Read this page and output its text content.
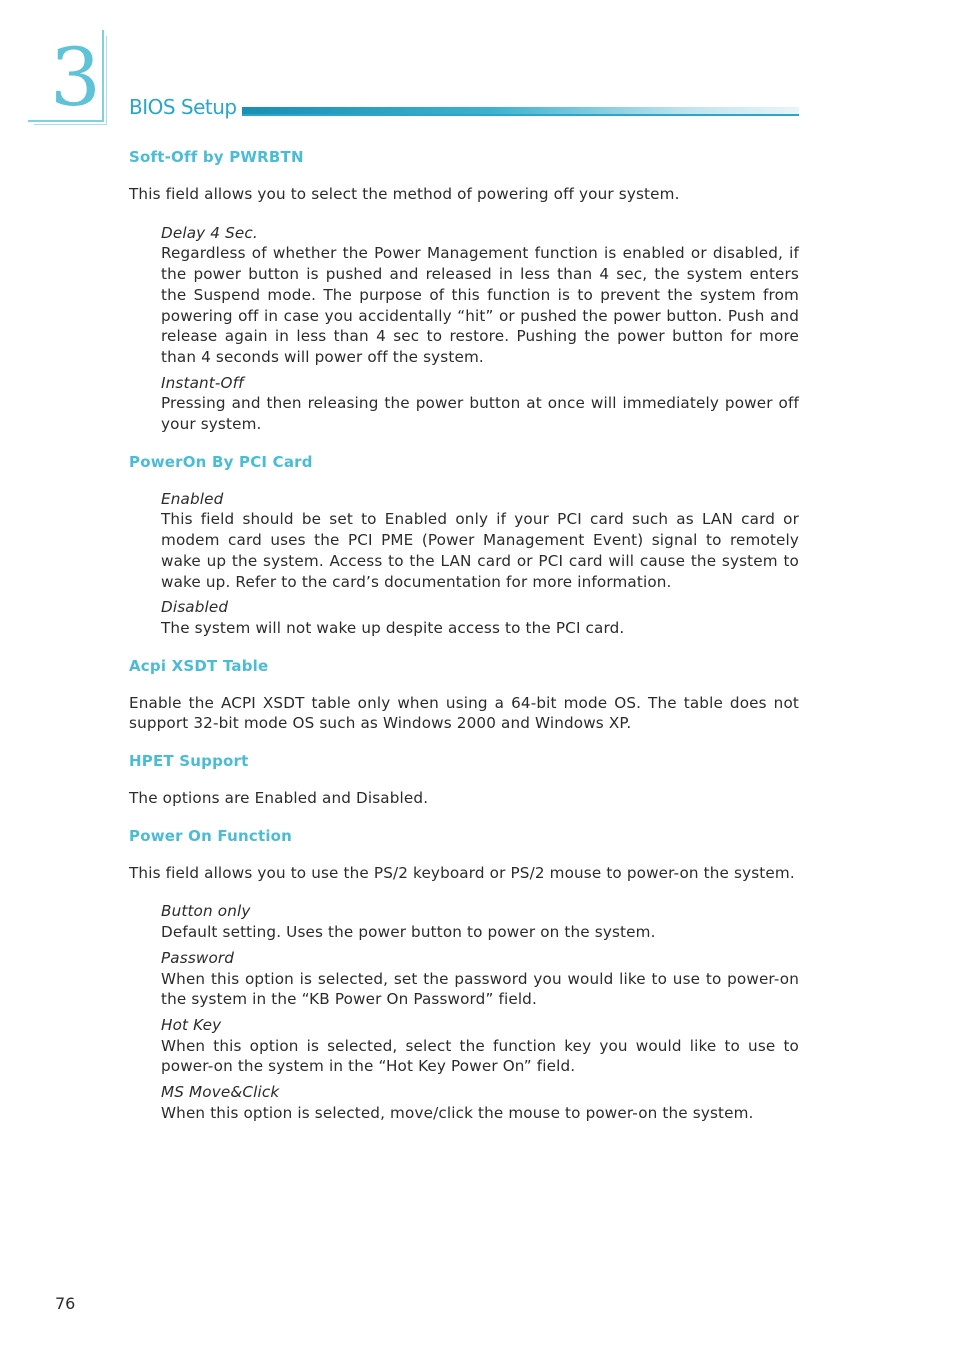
3	BIOS Setup
Soft-Off by PWRBTN
This field allows you to select the method of powering off your system.
Delay 4 Sec.
Regardless of whether the Power Management function is enabled or disabled, if the power button is pushed and released in less than 4 sec, the system enters the Suspend mode. The purpose of this function is to prevent the system from powering off in case you accidentally “hit” or pushed the power button. Push and release again in less than 4 sec to restore. Pushing the power button for more than 4 seconds will power off the system.
Instant-Off
Pressing and then releasing the power button at once will immediately power off your system.
PowerOn By PCI Card
Enabled
This field should be set to Enabled only if your PCI card such as LAN card or modem card uses the PCI PME (Power Management Event) signal to remotely wake up the system. Access to the LAN card or PCI card will cause the system to wake up. Refer to the card’s documentation for more information.
Disabled
The system will not wake up despite access to the PCI card.
Acpi XSDT Table
Enable the ACPI XSDT table only when using a 64-bit mode OS. The table does not support 32-bit mode OS such as Windows 2000 and Windows XP.
HPET Support
The options are Enabled and Disabled.
Power On Function
This field allows you to use the PS/2 keyboard or PS/2 mouse to power-on the system.
Button only
Default setting. Uses the power button to power on the system.
Password
When this option is selected, set the password you would like to use to power-on the system in the “KB Power On Password” field.
Hot Key
When this option is selected, select the function key you would like to use to power-on the system in the “Hot Key Power On” field.
MS Move&Click
When this option is selected, move/click the mouse to power-on the system.
76
